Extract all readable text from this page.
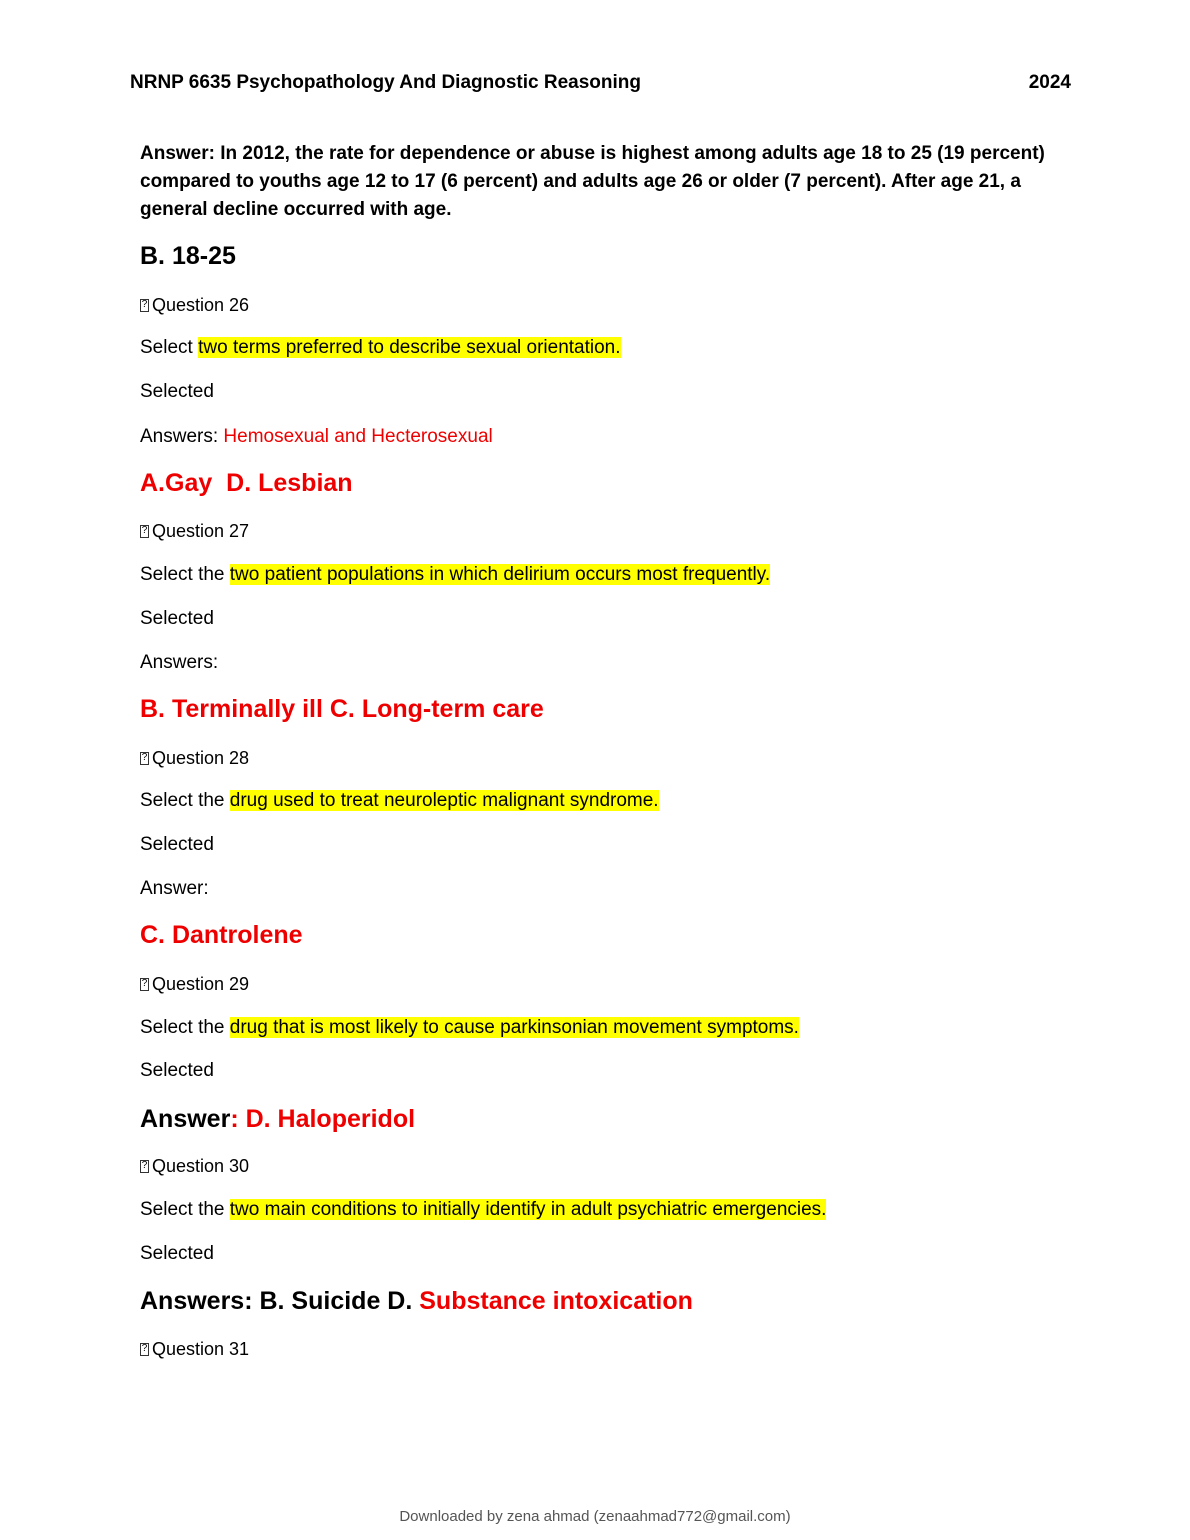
NRNP 6635 Psychopathology And Diagnostic Reasoning	2024
Answer: In 2012, the rate for dependence or abuse is highest among adults age 18 to 25 (19 percent) compared to youths age 12 to 17 (6 percent) and adults age 26 or older (7 percent). After age 21, a general decline occurred with age.
B. 18-25
?Question 26
Select two terms preferred to describe sexual orientation.
Selected
Answers: Hemosexual and Hecterosexual
A.Gay  D. Lesbian
?Question 27
Select the two patient populations in which delirium occurs most frequently.
Selected
Answers:
B. Terminally ill C. Long-term care
?Question 28
Select the drug used to treat neuroleptic malignant syndrome.
Selected
Answer:
C. Dantrolene
?Question 29
Select the drug that is most likely to cause parkinsonian movement symptoms.
Selected
Answer: D. Haloperidol
?Question 30
Select the two main conditions to initially identify in adult psychiatric emergencies.
Selected
Answers: B. Suicide D. Substance intoxication
?Question 31
Downloaded by zena ahmad (zenaahmad772@gmail.com)
